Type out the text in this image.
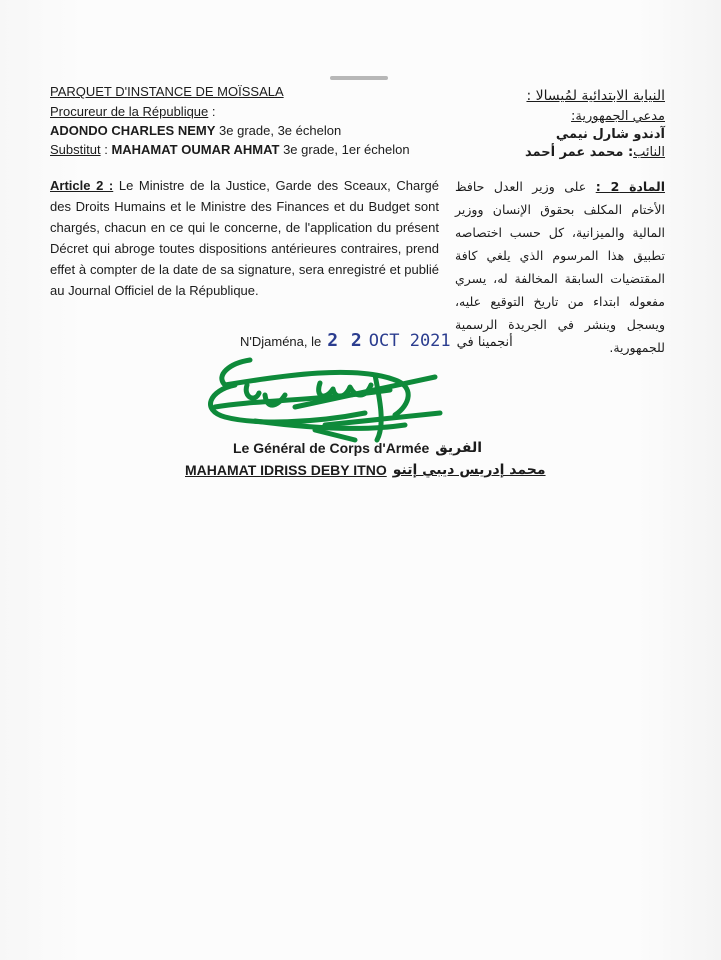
PARQUET D'INSTANCE DE MOÏSSALA
Procureur de la République :
ADONDO CHARLES NEMY 3e grade, 3e échelon
Substitut : MAHAMAT OUMAR AHMAT 3e grade, 1er échelon
النيابة الابتدائية لمُيسالا :
مدعي الجمهورية:
آدندو شارل نيمي
النائب: محمد عمر أحمد
Article 2 : Le Ministre de la Justice, Garde des Sceaux, Chargé des Droits Humains et le Ministre des Finances et du Budget sont chargés, chacun en ce qui le concerne, de l'application du présent Décret qui abroge toutes dispositions antérieures contraires, prend effet à compter de la date de sa signature, sera enregistré et publié au Journal Officiel de la République.
المادة 2 : على وزير العدل حافظ الأختام المكلف بحقوق الإنسان ووزير المالية والميزانية، كل حسب اختصاصه تطبيق هذا المرسوم الذي يلغي كافة المقتضيات السابقة المخالفة له، يسري مفعوله ابتداء من تاريخ التوقيع عليه، ويسجل وينشر في الجريدة الرسمية للجمهورية.
N'Djaména, le 2 2 OCT 2021 أنجمينا في
Le Général de Corps d'Armée الفريق
MAHAMAT IDRISS DEBY ITNO محمد إدريس ديبي إتنو
